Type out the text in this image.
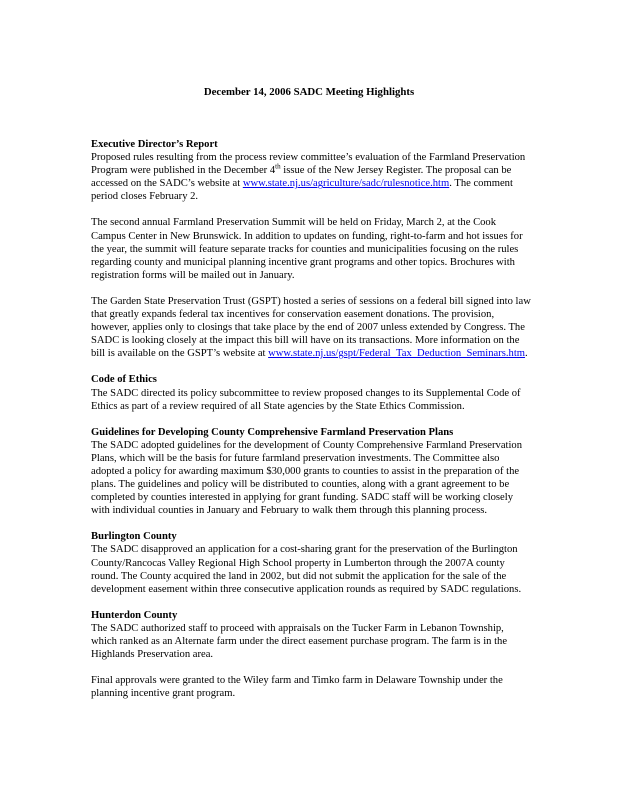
December 14, 2006 SADC Meeting Highlights
Executive Director’s Report

Proposed rules resulting from the process review committee’s evaluation of the Farmland Preservation Program were published in the December 4th issue of the New Jersey Register. The proposal can be accessed on the SADC’s website at www.state.nj.us/agriculture/sadc/rulesnotice.htm. The comment period closes February 2.

The second annual Farmland Preservation Summit will be held on Friday, March 2, at the Cook Campus Center in New Brunswick. In addition to updates on funding, right-to-farm and hot issues for the year, the summit will feature separate tracks for counties and municipalities focusing on the rules regarding county and municipal planning incentive grant programs and other topics. Brochures with registration forms will be mailed out in January.

The Garden State Preservation Trust (GSPT) hosted a series of sessions on a federal bill signed into law that greatly expands federal tax incentives for conservation easement donations. The provision, however, applies only to closings that take place by the end of 2007 unless extended by Congress. The SADC is looking closely at the impact this bill will have on its transactions. More information on the bill is available on the GSPT’s website at www.state.nj.us/gspt/Federal_Tax_Deduction_Seminars.htm.

Code of Ethics

The SADC directed its policy subcommittee to review proposed changes to its Supplemental Code of Ethics as part of a review required of all State agencies by the State Ethics Commission.

Guidelines for Developing County Comprehensive Farmland Preservation Plans

The SADC adopted guidelines for the development of County Comprehensive Farmland Preservation Plans, which will be the basis for future farmland preservation investments. The Committee also adopted a policy for awarding maximum $30,000 grants to counties to assist in the preparation of the plans. The guidelines and policy will be distributed to counties, along with a grant agreement to be completed by counties interested in applying for grant funding. SADC staff will be working closely with individual counties in January and February to walk them through this planning process.

Burlington County

The SADC disapproved an application for a cost-sharing grant for the preservation of the Burlington County/Rancocas Valley Regional High School property in Lumberton through the 2007A county round. The County acquired the land in 2002, but did not submit the application for the sale of the development easement within three consecutive application rounds as required by SADC regulations.

Hunterdon County

The SADC authorized staff to proceed with appraisals on the Tucker Farm in Lebanon Township, which ranked as an Alternate farm under the direct easement purchase program. The farm is in the Highlands Preservation area.

Final approvals were granted to the Wiley farm and Timko farm in Delaware Township under the planning incentive grant program.
